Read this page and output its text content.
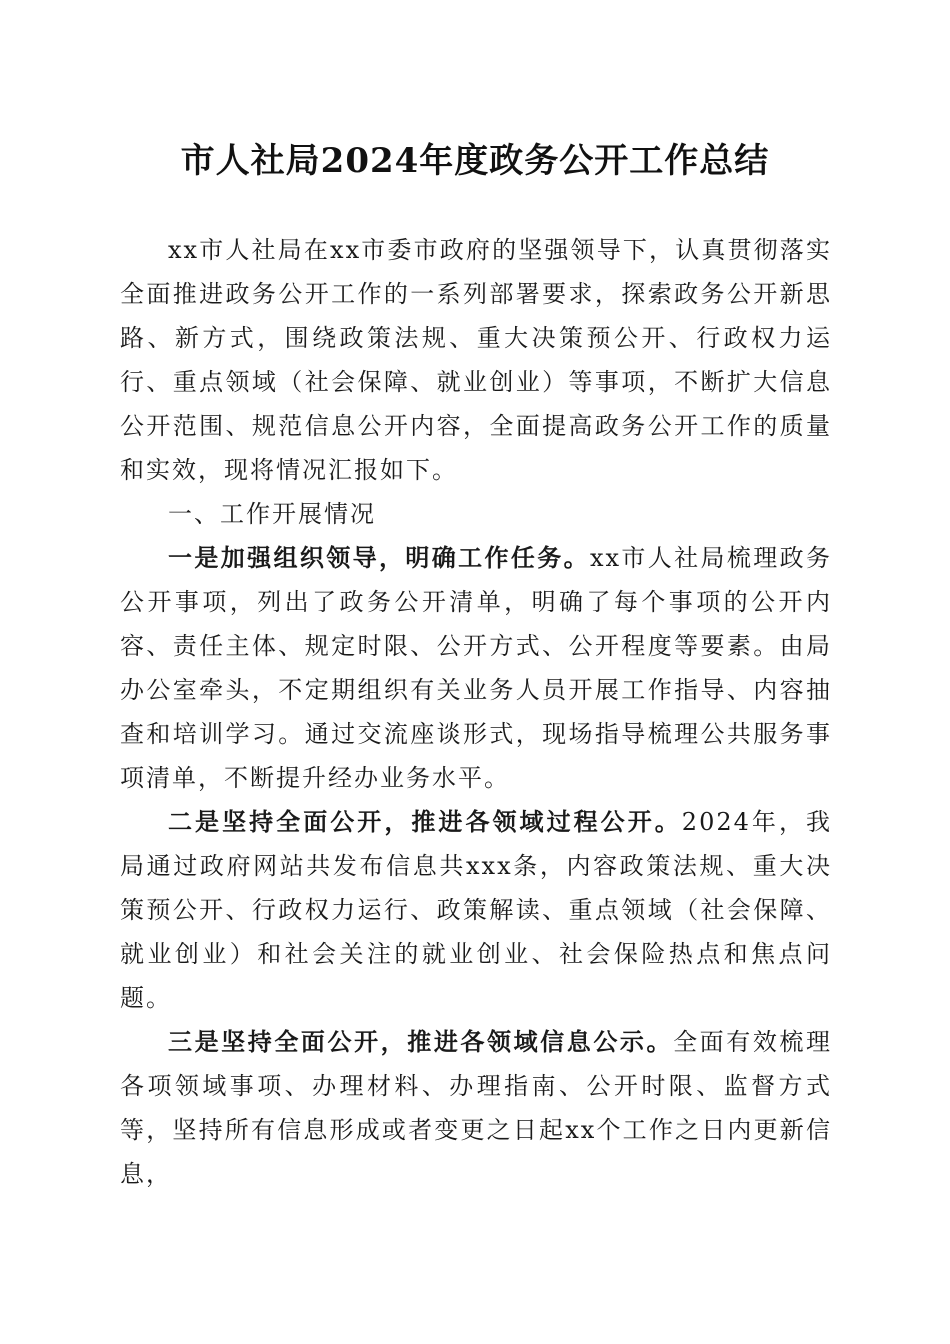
市人社局2024年度政务公开工作总结

xx市人社局在xx市委市政府的坚强领导下，认真贯彻落实全面推进政务公开工作的一系列部署要求，探索政务公开新思路、新方式，围绕政策法规、重大决策预公开、行政权力运行、重点领域（社会保障、就业创业）等事项，不断扩大信息公开范围、规范信息公开内容，全面提高政务公开工作的质量和实效，现将情况汇报如下。

一、工作开展情况

一是加强组织领导，明确工作任务。xx市人社局梳理政务公开事项，列出了政务公开清单，明确了每个事项的公开内容、责任主体、规定时限、公开方式、公开程度等要素。由局办公室牵头，不定期组织有关业务人员开展工作指导、内容抽查和培训学习。通过交流座谈形式，现场指导梳理公共服务事项清单，不断提升经办业务水平。

二是坚持全面公开，推进各领域过程公开。2024年，我局通过政府网站共发布信息共xxx条，内容政策法规、重大决策预公开、行政权力运行、政策解读、重点领域（社会保障、就业创业）和社会关注的就业创业、社会保险热点和焦点问题。

三是坚持全面公开，推进各领域信息公示。全面有效梳理各项领域事项、办理材料、办理指南、公开时限、监督方式等，坚持所有信息形成或者变更之日起xx个工作之日内更新信息，
